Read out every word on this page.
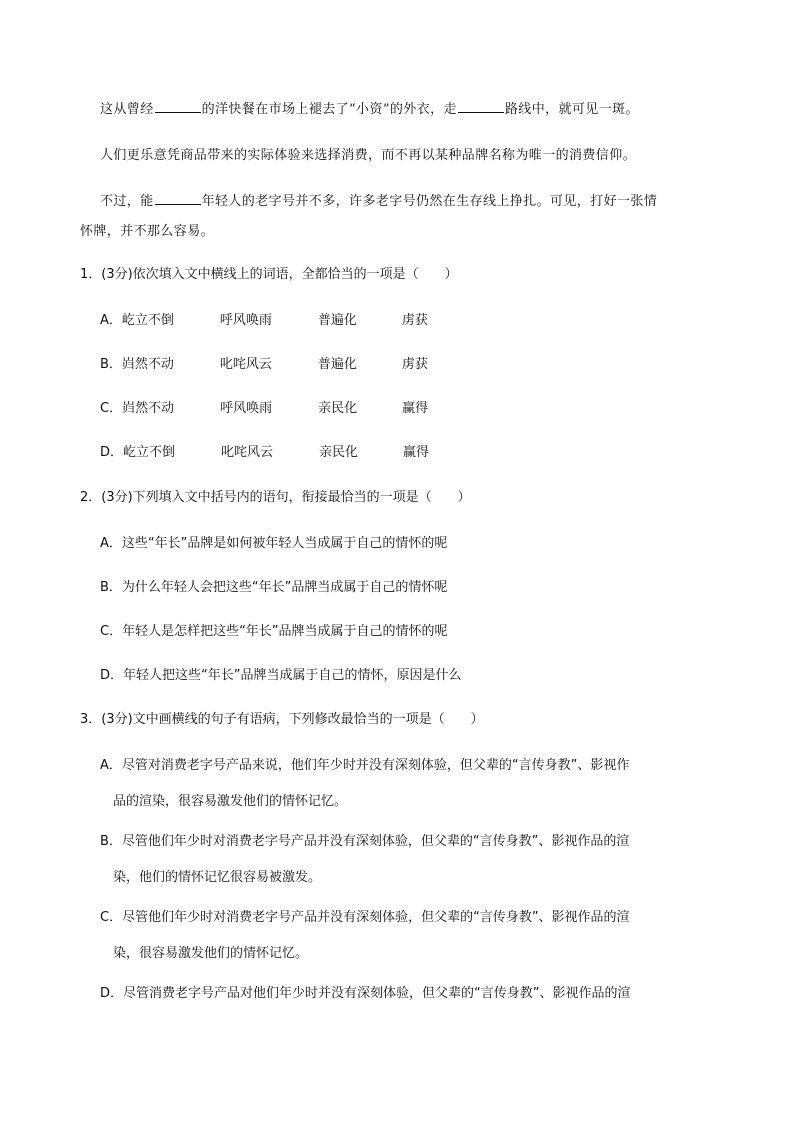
这从曾经	的洋快餐在市场上褪去了“小资”的外衣，走	路线中，就可见一斑。
人们更乐意凭商品带来的实际体验来选择消费，而不再以某种品牌名称为唯一的消费信仰。
不过，能	年轻人的老字号并不多，许多老字号仍然在生存线上挣扎。可见，打好一张情
怀牌，并不那么容易。
1．(3分)依次填入文中横线上的词语，全都恰当的一项是（　　）
A．屹立不倒	呼风唤雨	普遍化	虏获
B．岿然不动	叱咤风云	普遍化	虏获
C．岿然不动	呼风唤雨	亲民化	赢得
D．屹立不倒	叱咤风云	亲民化	赢得
2．(3分)下列填入文中括号内的语句，衔接最恰当的一项是（　　）
A．这些“年长”品牌是如何被年轻人当成属于自己的情怀的呢
B．为什么年轻人会把这些“年长”品牌当成属于自己的情怀呢
C．年轻人是怎样把这些“年长”品牌当成属于自己的情怀的呢
D．年轻人把这些“年长”品牌当成属于自己的情怀，原因是什么
3．(3分)文中画横线的句子有语病，下列修改最恰当的一项是（　　）
A．尽管对消费老字号产品来说，他们年少时并没有深刻体验，但父辈的“言传身教”、影视作
品的渲染，很容易激发他们的情怀记忆。
B．尽管他们年少时对消费老字号产品并没有深刻体验，但父辈的“言传身教”、影视作品的渲
染，他们的情怀记忆很容易被激发。
C．尽管他们年少时对消费老字号产品并没有深刻体验，但父辈的“言传身教”、影视作品的渲
染，很容易激发他们的情怀记忆。
D．尽管消费老字号产品对他们年少时并没有深刻体验，但父辈的“言传身教”、影视作品的渲
